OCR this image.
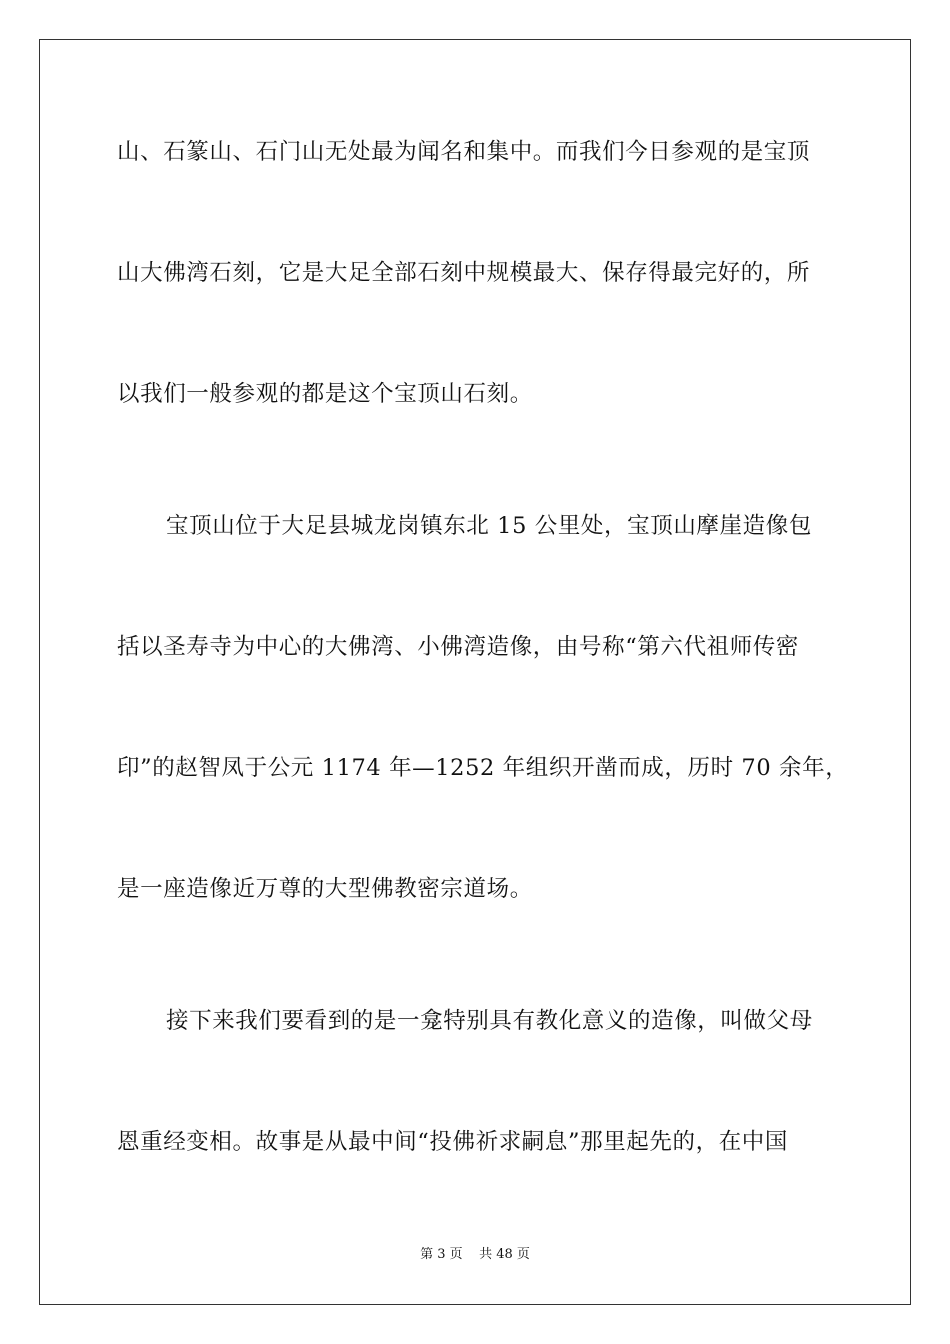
山、石篆山、石门山无处最为闻名和集中。而我们今日参观的是宝顶
山大佛湾石刻，它是大足全部石刻中规模最大、保存得最完好的，所
以我们一般参观的都是这个宝顶山石刻。
宝顶山位于大足县城龙岗镇东北 15 公里处，宝顶山摩崖造像包
括以圣寿寺为中心的大佛湾、小佛湾造像，由号称“第六代祖师传密
印”的赵智凤于公元 1174 年—1252 年组织开凿而成，历时 70 余年，
是一座造像近万尊的大型佛教密宗道场。
接下来我们要看到的是一龛特别具有教化意义的造像，叫做父母
恩重经变相。故事是从最中间“投佛祈求嗣息”那里起先的，在中国
第 3 页    共 48 页
